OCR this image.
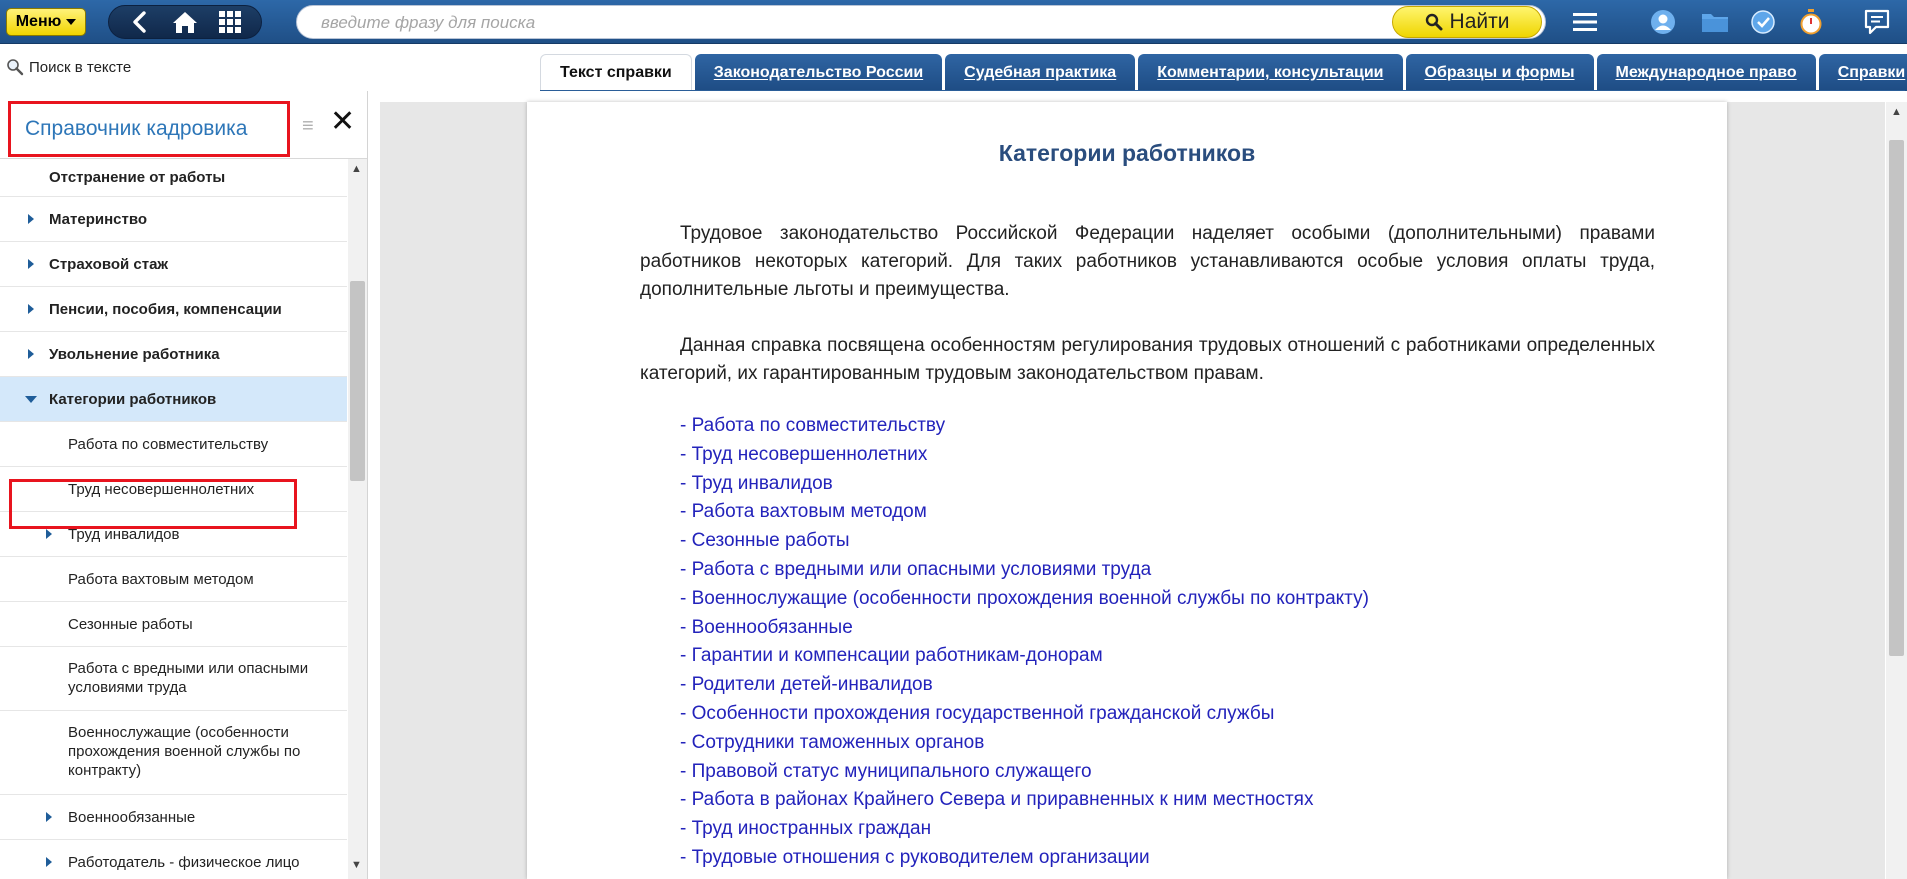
Меню
введите фразу для поиска	Найти
Поиск в тексте	Текст справки	Законодательство России	Судебная практика	Комментарии, консультации	Образцы и формы	Международное право	Справки
Справочник кадровика	≡ ✕
Отстранение от работы
Материнство
Страховой стаж
Пенсии, пособия, компенсации
Увольнение работника
Категории работников
Работа по совместительству
Труд несовершеннолетних
Труд инвалидов
Работа вахтовым методом
Сезонные работы
Работа с вредными или опасными условиями труда
Военнослужащие (особенности прохождения военной службы по контракту)
Военнообязанные
Работодатель - физическое лицо
▲
▼
Категории работников

Трудовое законодательство Российской Федерации наделяет особыми (дополнительными) правами работников некоторых категорий. Для таких работников устанавливаются особые условия оплаты труда, дополнительные льготы и преимущества.

Данная справка посвящена особенностям регулирования трудовых отношений с работниками определенных категорий, их гарантированным трудовым законодательством правам.

- Работа по совместительству
- Труд несовершеннолетних
- Труд инвалидов
- Работа вахтовым методом
- Сезонные работы
- Работа с вредными или опасными условиями труда
- Военнослужащие (особенности прохождения военной службы по контракту)
- Военнообязанные
- Гарантии и компенсации работникам-донорам
- Родители детей-инвалидов
- Особенности прохождения государственной гражданской службы
- Сотрудники таможенных органов
- Правовой статус муниципального служащего
- Работа в районах Крайнего Севера и приравненных к ним местностях
- Труд иностранных граждан
- Трудовые отношения с руководителем организации
▲
